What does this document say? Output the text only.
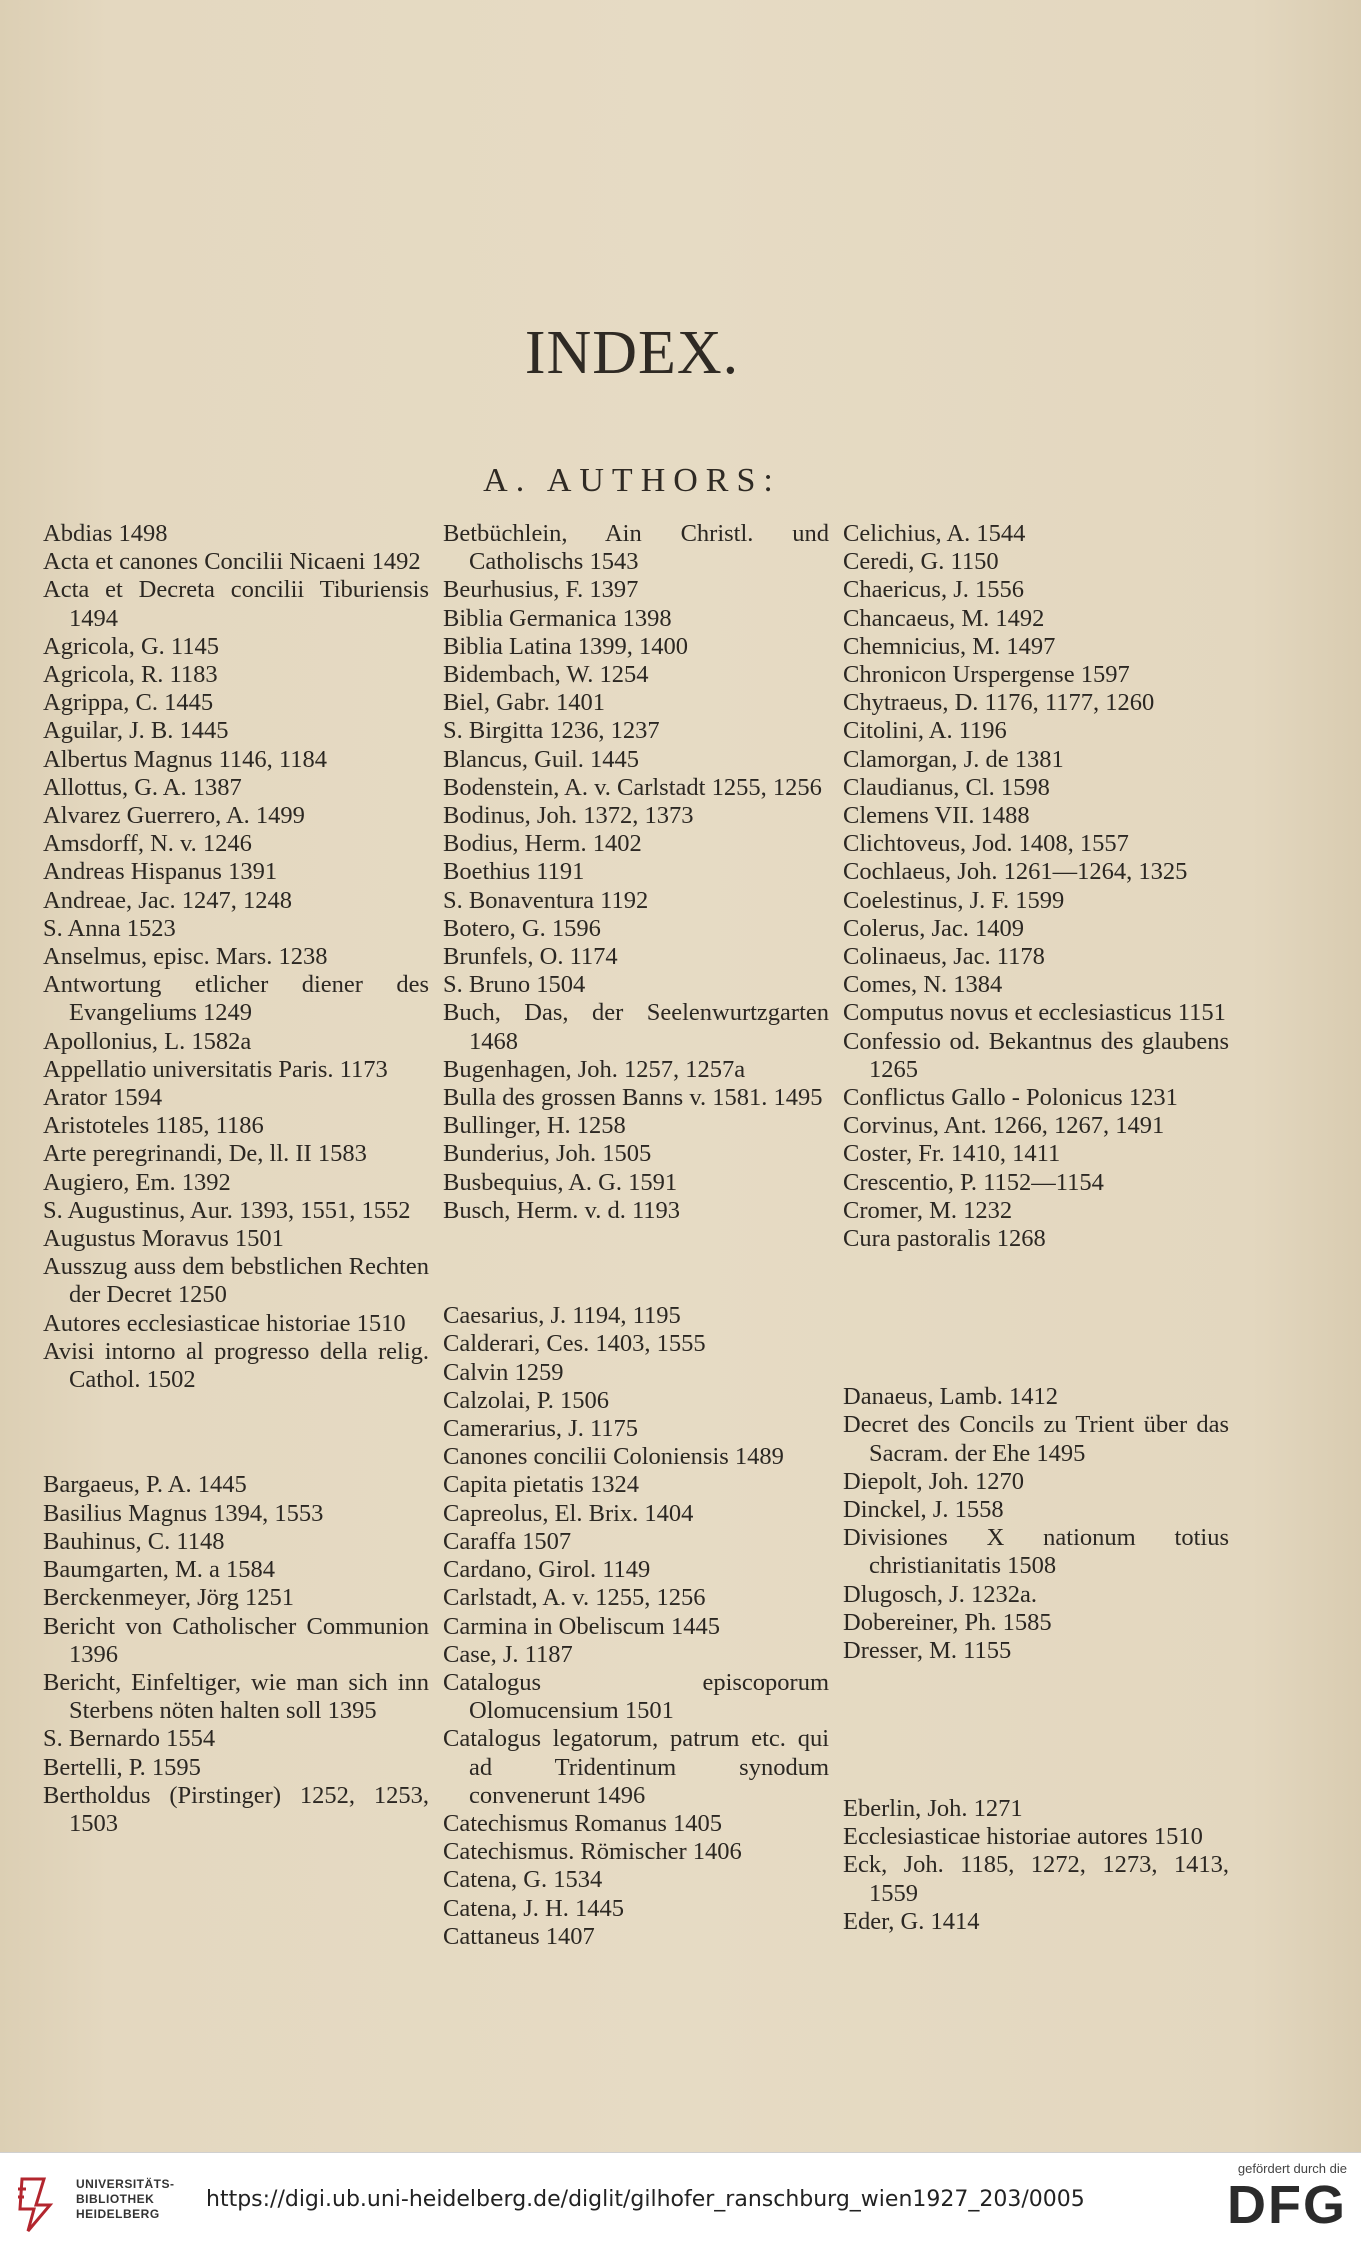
INDEX.
A. AUTHORS:

Abdias 1498

Acta et canones Concilii Nicaeni 1492

Acta et Decreta concilii Tiburiensis 1494

Agricola, G. 1145

Agricola, R. 1183

Agrippa, C. 1445

Aguilar, J. B. 1445

Albertus Magnus 1146, 1184

Allottus, G. A. 1387

Alvarez Guerrero, A. 1499

Amsdorff, N. v. 1246

Andreas Hispanus 1391

Andreae, Jac. 1247, 1248

S. Anna 1523

Anselmus, episc. Mars. 1238

Antwortung etlicher diener des Evangeliums 1249

Apollonius, L. 1582a

Appellatio universitatis Paris. 1173

Arator 1594

Aristoteles 1185, 1186

Arte peregrinandi, De, ll. II 1583

Augiero, Em. 1392

S. Augustinus, Aur. 1393, 1551, 1552

Augustus Moravus 1501

Ausszug auss dem bebstlichen Rechten der Decret 1250

Autores ecclesiasticae historiae 1510

Avisi intorno al progresso della relig. Cathol. 1502

Bargaeus, P. A. 1445

Basilius Magnus 1394, 1553

Bauhinus, C. 1148

Baumgarten, M. a 1584

Berckenmeyer, Jörg 1251

Bericht von Catholischer Communion 1396

Bericht, Einfeltiger, wie man sich inn Sterbens nöten halten soll 1395

S. Bernardo 1554

Bertelli, P. 1595

Bertholdus (Pirstinger) 1252, 1253, 1503

Betbüchlein, Ain Christl. und Catholischs 1543

Beurhusius, F. 1397

Biblia Germanica 1398

Biblia Latina 1399, 1400

Bidembach, W. 1254

Biel, Gabr. 1401

S. Birgitta 1236, 1237

Blancus, Guil. 1445

Bodenstein, A. v. Carlstadt 1255, 1256

Bodinus, Joh. 1372, 1373

Bodius, Herm. 1402

Boethius 1191

S. Bonaventura 1192

Botero, G. 1596

Brunfels, O. 1174

S. Bruno 1504

Buch, Das, der Seelenwurtzgarten 1468

Bugenhagen, Joh. 1257, 1257a

Bulla des grossen Banns v. 1581. 1495

Bullinger, H. 1258

Bunderius, Joh. 1505

Busbequius, A. G. 1591

Busch, Herm. v. d. 1193

Caesarius, J. 1194, 1195

Calderari, Ces. 1403, 1555

Calvin 1259

Calzolai, P. 1506

Camerarius, J. 1175

Canones concilii Coloniensis 1489

Capita pietatis 1324

Capreolus, El. Brix. 1404

Caraffa 1507

Cardano, Girol. 1149

Carlstadt, A. v. 1255, 1256

Carmina in Obeliscum 1445

Case, J. 1187

Catalogus episcoporum Olomucensium 1501

Catalogus legatorum, patrum etc. qui ad Tridentinum synodum convenerunt 1496

Catechismus Romanus 1405

Catechismus. Römischer 1406

Catena, G. 1534

Catena, J. H. 1445

Cattaneus 1407

Celichius, A. 1544

Ceredi, G. 1150

Chaericus, J. 1556

Chancaeus, M. 1492

Chemnicius, M. 1497

Chronicon Urspergense 1597

Chytraeus, D. 1176, 1177, 1260

Citolini, A. 1196

Clamorgan, J. de 1381

Claudianus, Cl. 1598

Clemens VII. 1488

Clichtoveus, Jod. 1408, 1557

Cochlaeus, Joh. 1261—1264, 1325

Coelestinus, J. F. 1599

Colerus, Jac. 1409

Colinaeus, Jac. 1178

Comes, N. 1384

Computus novus et ecclesiasticus 1151

Confessio od. Bekantnus des glaubens 1265

Conflictus Gallo - Polonicus 1231

Corvinus, Ant. 1266, 1267, 1491

Coster, Fr. 1410, 1411

Crescentio, P. 1152—1154

Cromer, M. 1232

Cura pastoralis 1268

Danaeus, Lamb. 1412

Decret des Concils zu Trient über das Sacram. der Ehe 1495

Diepolt, Joh. 1270

Dinckel, J. 1558

Divisiones X nationum totius christianitatis 1508

Dlugosch, J. 1232a.

Dobereiner, Ph. 1585

Dresser, M. 1155

Eberlin, Joh. 1271

Ecclesiasticae historiae autores 1510

Eck, Joh. 1185, 1272, 1273, 1413, 1559

Eder, G. 1414

UNIVERSITÄTS-
BIBLIOTHEK
HEIDELBERG
https://digi.ub.uni-heidelberg.de/diglit/gilhofer_ranschburg_wien1927_203/0005
gefördert durch die
DFG
